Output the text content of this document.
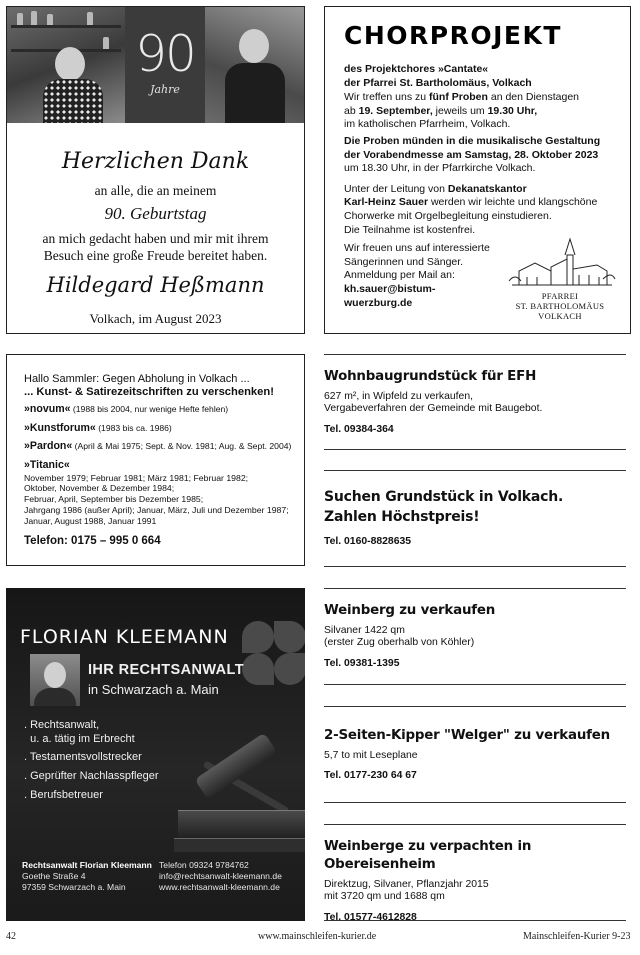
90
Jahre
Herzlichen Dank
an alle, die an meinem
90. Geburtstag
an mich gedacht haben und mir mit ihrem
Besuch eine große Freude bereitet haben.
Hildegard Heßmann
Volkach, im August 2023
CHORPROJEKT

des Projektchores »Cantate«
der Pfarrei St. Bartholomäus, Volkach

Wir treffen uns zu fünf Proben an den Dienstagen
ab 19. September, jeweils um 19.30 Uhr,
im katholischen Pfarrheim, Volkach.

Die Proben münden in die musikalische Gestaltung
der Vorabendmesse am Samstag, 28. Oktober 2023
um 18.30 Uhr, in der Pfarrkirche Volkach.

Unter der Leitung von Dekanatskantor
Karl-Heinz Sauer werden wir leichte und klangschöne
Chorwerke mit Orgelbegleitung einstudieren.
Die Teilnahme ist kostenfrei.

Wir freuen uns auf interessierte
Sängerinnen und Sänger.
Anmeldung per Mail an:
kh.sauer@bistum-wuerzburg.de

PFARREI
ST. BARTHOLOMÄUS
VOLKACH
Hallo Sammler: Gegen Abholung in Volkach ...
... Kunst- & Satirezeitschriften zu verschenken!
»novum« (1988 bis 2004, nur wenige Hefte fehlen)
»Kunstforum« (1983 bis ca. 1986)
»Pardon« (April & Mai 1975; Sept. & Nov. 1981; Aug. & Sept. 2004)
»Titanic«
November 1979; Februar 1981; März 1981; Februar 1982;
Oktober, November & Dezember 1984;
Februar, April, September bis Dezember 1985;
Jahrgang 1986 (außer April); Januar, März, Juli und Dezember 1987;
Januar, August 1988, Januar 1991
Telefon: 0175 – 995 0 664
FLORIAN KLEEMANN
IHR RECHTSANWALT
in Schwarzach a. Main
. Rechtsanwalt,
u. a. tätig im Erbrecht
. Testamentsvollstrecker
. Geprüfter Nachlasspfleger
. Berufsbetreuer
Rechtsanwalt Florian Kleemann
Goethe Straße 4
97359 Schwarzach a. Main
Telefon 09324 9784762
info@rechtsanwalt-kleemann.de
www.rechtsanwalt-kleemann.de
Wohnbaugrundstück für EFH
627 m², in Wipfeld zu verkaufen,
Vergabeverfahren der Gemeinde mit Baugebot.
Tel. 09384-364
Suchen Grundstück in Volkach.
Zahlen Höchstpreis!
Tel. 0160-8828635
Weinberg zu verkaufen
Silvaner 1422 qm
(erster Zug oberhalb von Köhler)
Tel. 09381-1395
2-Seiten-Kipper "Welger" zu verkaufen
5,7 to mit Leseplane
Tel. 0177-230 64 67
Weinberge zu verpachten in Obereisenheim
Direktzug, Silvaner, Pflanzjahr 2015
mit 3720 qm und 1688 qm
Tel. 01577-4612828
42	www.mainschleifen-kurier.de	Mainschleifen-Kurier 9-23
